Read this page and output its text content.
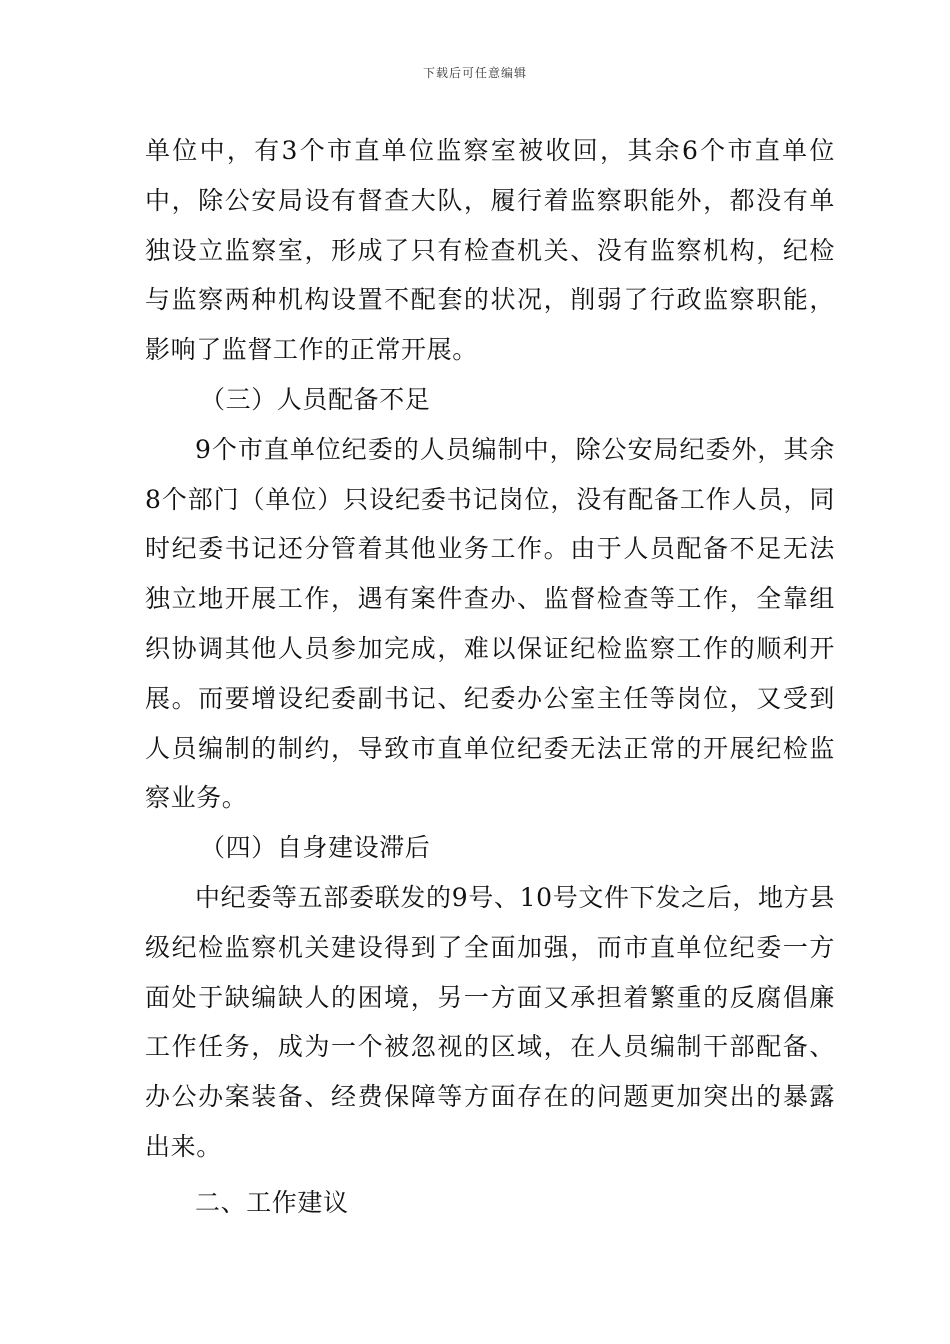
下载后可任意编辑

单位中，有3个市直单位监察室被收回，其余6个市直单位中，除公安局设有督查大队，履行着监察职能外，都没有单独设立监察室，形成了只有检查机关、没有监察机构，纪检与监察两种机构设置不配套的状况，削弱了行政监察职能，影响了监督工作的正常开展。

（三）人员配备不足

9个市直单位纪委的人员编制中，除公安局纪委外，其余8个部门（单位）只设纪委书记岗位，没有配备工作人员，同时纪委书记还分管着其他业务工作。由于人员配备不足无法独立地开展工作，遇有案件查办、监督检查等工作，全靠组织协调其他人员参加完成，难以保证纪检监察工作的顺利开展。而要增设纪委副书记、纪委办公室主任等岗位，又受到人员编制的制约，导致市直单位纪委无法正常的开展纪检监察业务。

（四）自身建设滞后

中纪委等五部委联发的9号、10号文件下发之后，地方县级纪检监察机关建设得到了全面加强，而市直单位纪委一方面处于缺编缺人的困境，另一方面又承担着繁重的反腐倡廉工作任务，成为一个被忽视的区域，在人员编制干部配备、办公办案装备、经费保障等方面存在的问题更加突出的暴露出来。

二、工作建议
